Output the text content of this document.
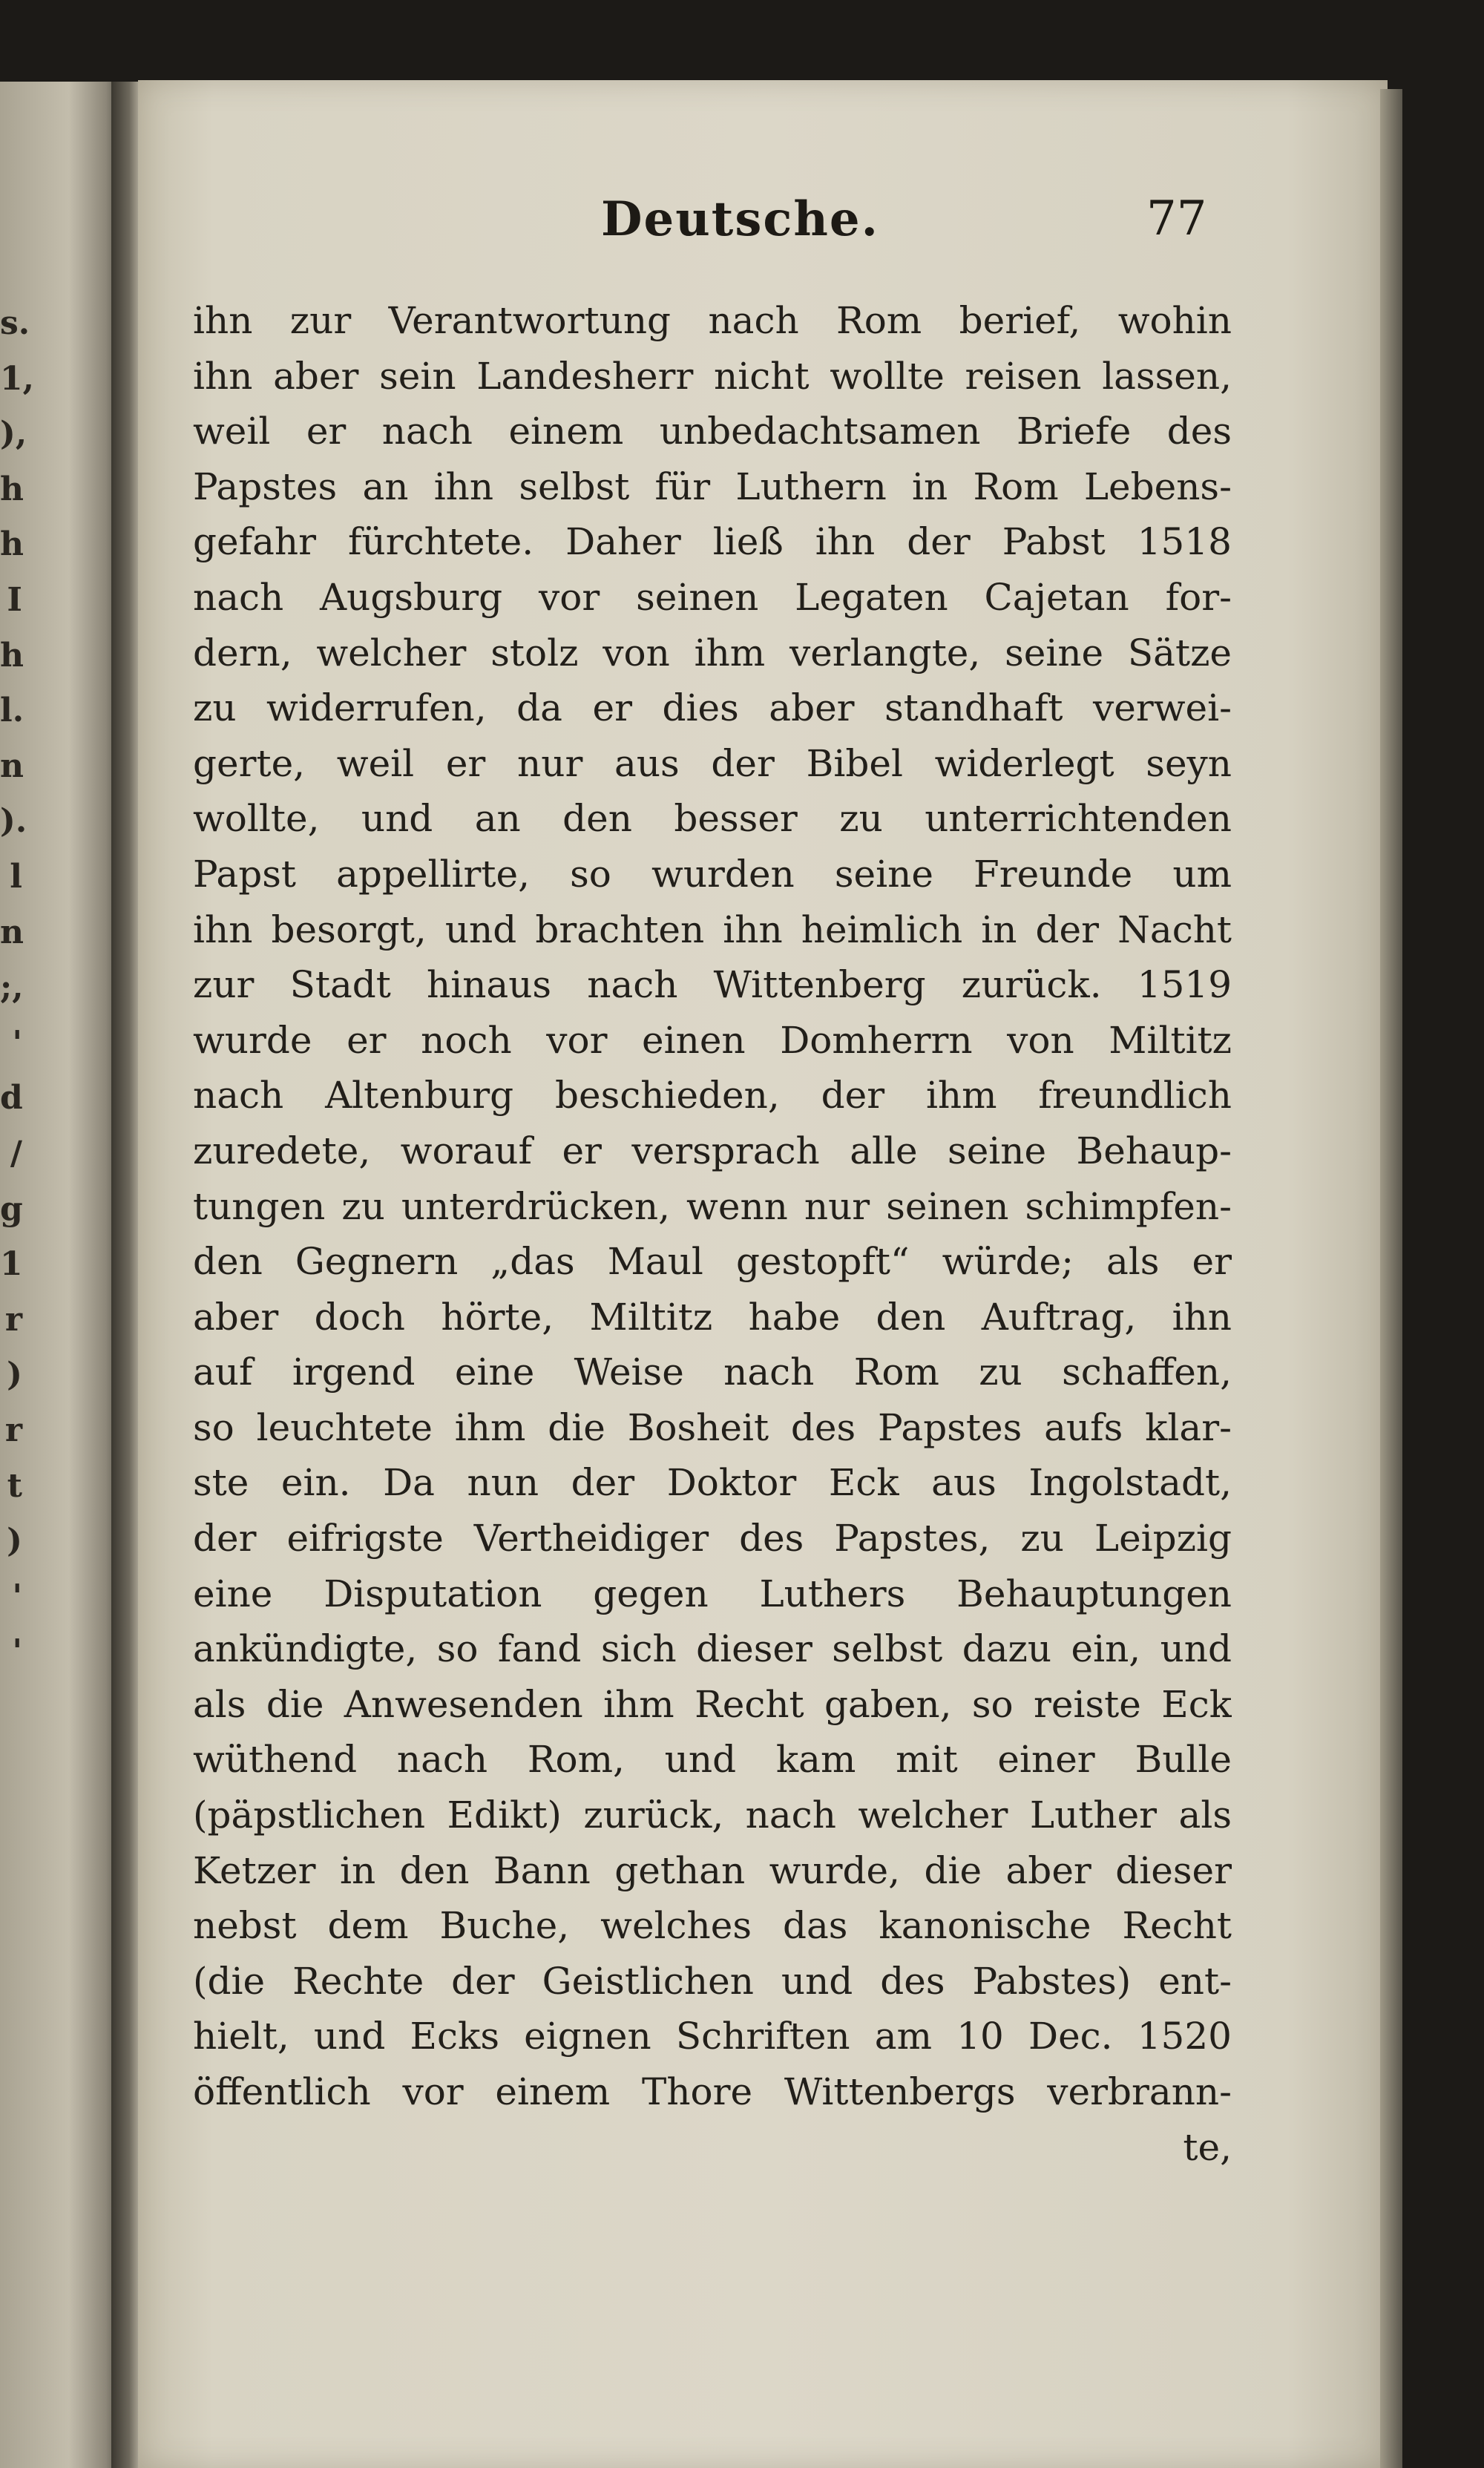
s.
1,
),
h
h
I
h
l.
n
).
l
n
;,
'
d
/
g
1
r
)
r
t
)
'
'
Deutsche.	77
ihn zur Verantwortung nach Rom berief, wohin
ihn aber sein Landesherr nicht wollte reisen lassen,
weil er nach einem unbedachtsamen Briefe des
Papstes an ihn selbst für Luthern in Rom Lebens-
gefahr fürchtete. Daher ließ ihn der Pabst 1518
nach Augsburg vor seinen Legaten Cajetan for-
dern, welcher stolz von ihm verlangte, seine Sätze
zu widerrufen, da er dies aber standhaft verwei-
gerte, weil er nur aus der Bibel widerlegt seyn
wollte, und an den besser zu unterrichtenden
Papst appellirte, so wurden seine Freunde um
ihn besorgt, und brachten ihn heimlich in der Nacht
zur Stadt hinaus nach Wittenberg zurück. 1519
wurde er noch vor einen Domherrn von Miltitz
nach Altenburg beschieden, der ihm freundlich
zuredete, worauf er versprach alle seine Behaup-
tungen zu unterdrücken, wenn nur seinen schimpfen-
den Gegnern „das Maul gestopft“ würde; als er
aber doch hörte, Miltitz habe den Auftrag, ihn
auf irgend eine Weise nach Rom zu schaffen,
so leuchtete ihm die Bosheit des Papstes aufs klar-
ste ein. Da nun der Doktor Eck aus Ingolstadt,
der eifrigste Vertheidiger des Papstes, zu Leipzig
eine Disputation gegen Luthers Behauptungen
ankündigte, so fand sich dieser selbst dazu ein, und
als die Anwesenden ihm Recht gaben, so reiste Eck
wüthend nach Rom, und kam mit einer Bulle
(päpstlichen Edikt) zurück, nach welcher Luther als
Ketzer in den Bann gethan wurde, die aber dieser
nebst dem Buche, welches das kanonische Recht
(die Rechte der Geistlichen und des Pabstes) ent-
hielt, und Ecks eignen Schriften am 10 Dec. 1520
öffentlich vor einem Thore Wittenbergs verbrann-
te,
